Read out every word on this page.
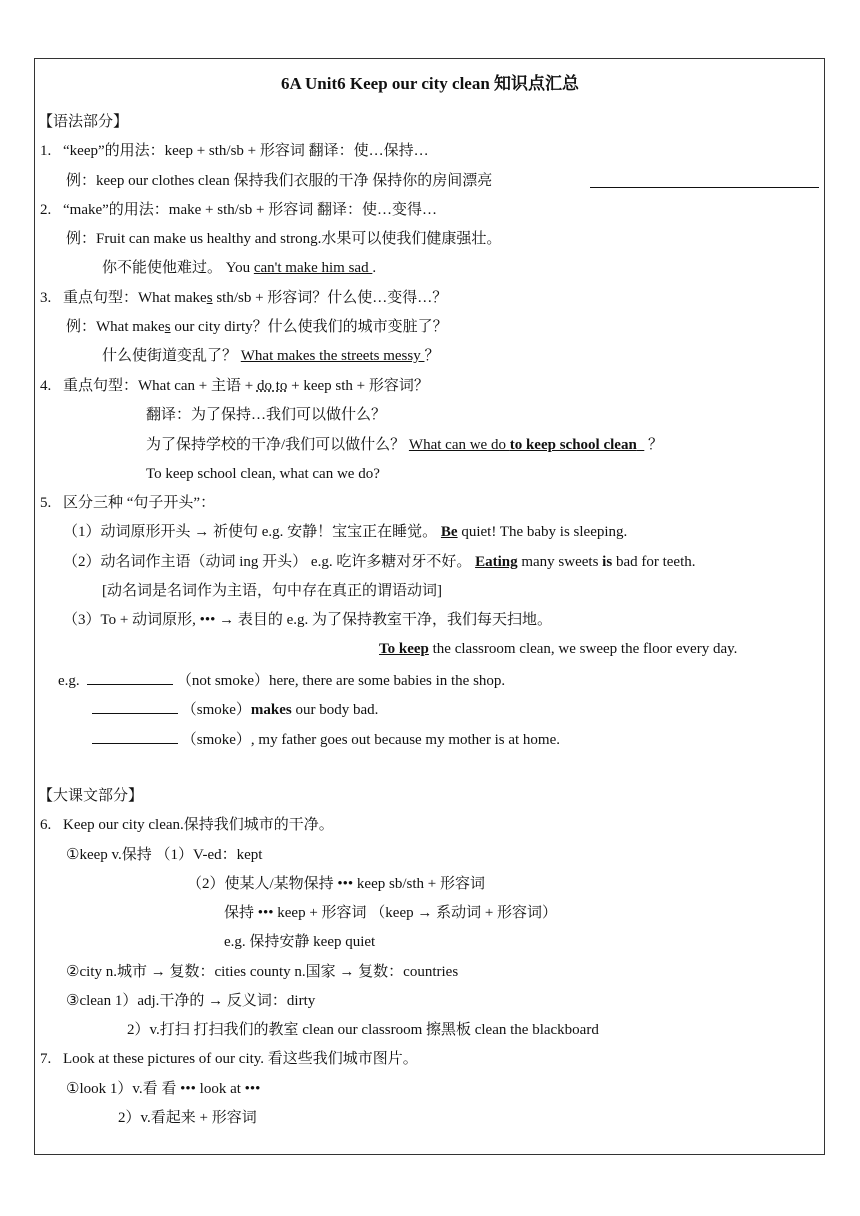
6A Unit6 Keep our city clean 知识点汇总
【语法部分】
1. “keep”的用法：keep + sth/sb + 形容词 翻译：使…保持…
例：keep our clothes clean 保持我们衣服的干净 保持你的房间漂亮
2. “make”的用法：make + sth/sb + 形容词 翻译：使…变得…
例：Fruit can make us healthy and strong.水果可以使我们健康强壮。
你不能使他难过。 You can't make him sad .
3. 重点句型：What makes sth/sb + 形容词？什么使…变得…？
例：What makes our city dirty？什么使我们的城市变脏了？
什么使街道变乱了？ What makes the streets messy ？
4. 重点句型：What can + 主语 + do to + keep sth + 形容词？
翻译：为了保持…我们可以做什么？
为了保持学校的干净/我们可以做什么？ What can we do to keep school clean   ？
To keep school clean, what can we do?
5. 区分三种 “句子开头”：
（1）动词原形开头 → 祈使句 e.g. 安静！宝宝正在睡觉。 Be quiet! The baby is sleeping.
（2）动名词作主语（动词 ing 开头） e.g. 吃许多糖对牙不好。 Eating many sweets is bad for teeth.
[动名词是名词作为主语，句中存在真正的谓语动词]
（3）To + 动词原形, ••• → 表目的 e.g. 为了保持教室干净，我们每天扫地。
To keep the classroom clean, we sweep the floor every day.
e.g.	（not smoke）here, there are some babies in the shop.
（smoke）makes our body bad.
（smoke）, my father goes out because my mother is at home.
【大课文部分】
6. Keep our city clean.保持我们城市的干净。
①keep v.保持 （1）V-ed：kept
（2）使某人/某物保持 ••• keep sb/sth + 形容词
保持 ••• keep + 形容词 （keep → 系动词 + 形容词）
e.g. 保持安静 keep quiet
②city n.城市 → 复数：cities county n.国家 → 复数：countries
③clean 1）adj.干净的 → 反义词：dirty
2）v.打扫 打扫我们的教室 clean our classroom 擦黑板 clean the blackboard
7. Look at these pictures of our city. 看这些我们城市图片。
①look 1）v.看 看 ••• look at •••
2）v.看起来 + 形容词
